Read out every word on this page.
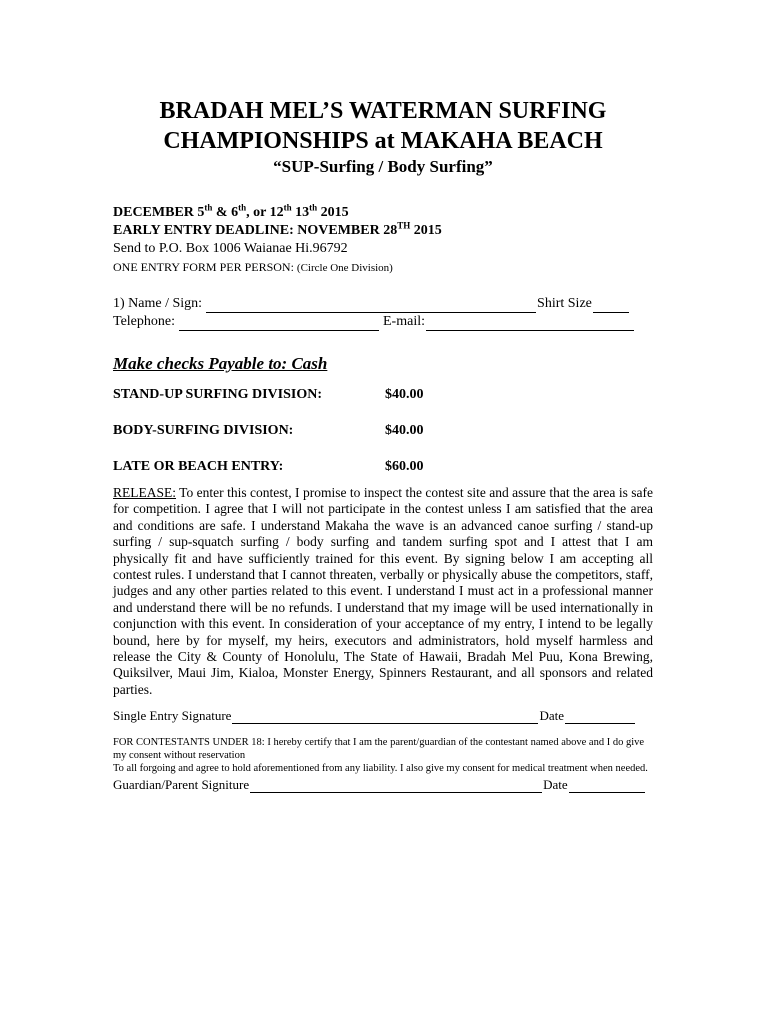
BRADAH MEL’S WATERMAN SURFING

CHAMPIONSHIPS at MAKAHA BEACH

“SUP-Surfing / Body Surfing”

DECEMBER 5th & 6th, or 12th 13th 2015
EARLY ENTRY DEADLINE: NOVEMBER 28TH 2015
Send to P.O. Box 1006 Waianae Hi.96792
ONE ENTRY FORM PER PERSON: (Circle One Division)
1) Name / Sign:	Shirt Size
Telephone:	E-mail:
Make checks Payable to: Cash
STAND-UP SURFING DIVISION:	$40.00
BODY-SURFING DIVISION:	$40.00
LATE OR BEACH ENTRY:	$60.00
RELEASE: To enter this contest, I promise to inspect the contest site and assure that the area is safe for competition. I agree that I will not participate in the contest unless I am satisfied that the area and conditions are safe. I understand Makaha the wave is an advanced canoe surfing / stand-up surfing / sup-squatch surfing / body surfing and tandem surfing spot and I attest that I am physically fit and have sufficiently trained for this event. By signing below I am accepting all contest rules. I understand that I cannot threaten, verbally or physically abuse the competitors, staff, judges and any other parties related to this event. I understand I must act in a professional manner and understand there will be no refunds. I understand that my image will be used internationally in conjunction with this event. In consideration of your acceptance of my entry, I intend to be legally bound, here by for myself, my heirs, executors and administrators, hold myself harmless and release the City & County of Honolulu, The State of Hawaii, Bradah Mel Puu, Kona Brewing, Quiksilver, Maui Jim, Kialoa, Monster Energy, Spinners Restaurant, and all sponsors and related parties.
Single Entry Signature	Date
FOR CONTESTANTS UNDER 18: I hereby certify that I am the parent/guardian of the contestant named above and I do give my consent without reservation
To all forgoing and agree to hold aforementioned from any liability. I also give my consent for medical treatment when needed.
Guardian/Parent Signiture	Date
